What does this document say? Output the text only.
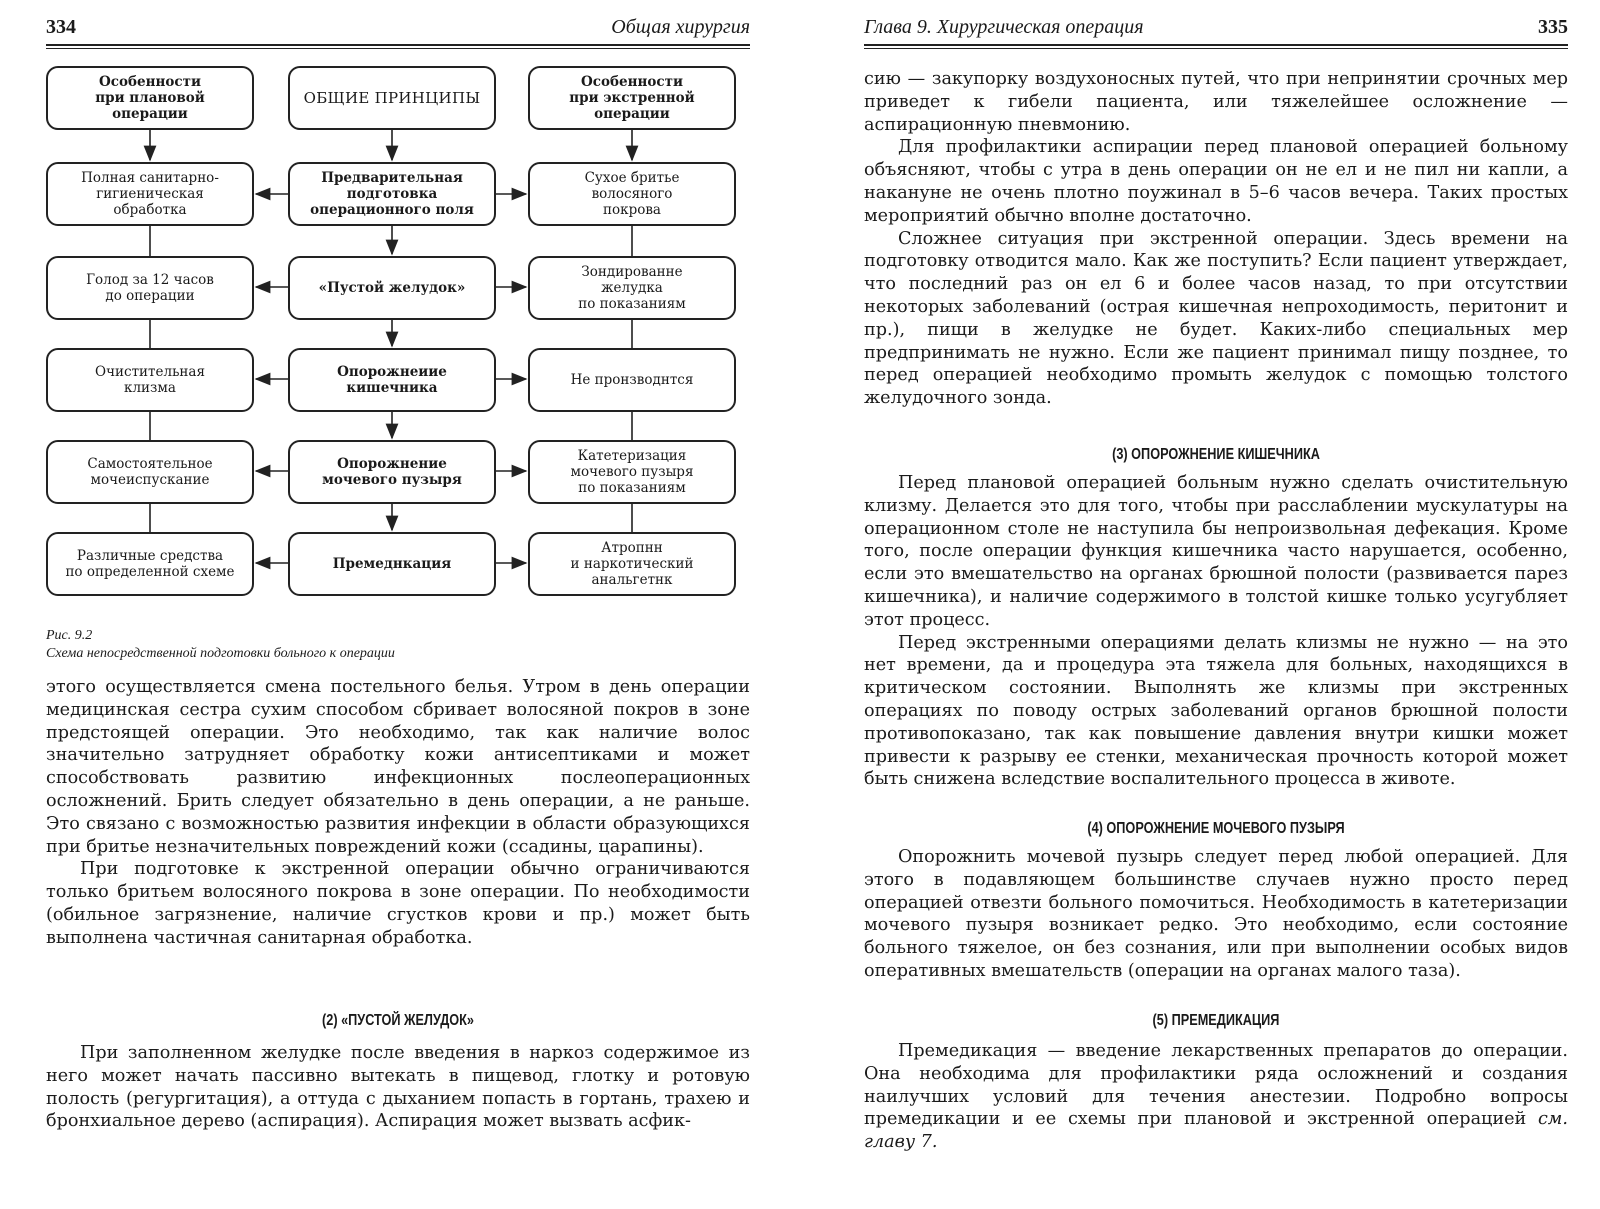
334	Общая хирургия
Особенности
при плановой
операции
Полная санитарно-
гигиеническая
обработка
Голод за 12 часов
до операции
Очистительная
клизма
Самостоятельное
мочеиспускание
Различные средства
по определенной схеме
ОБЩИЕ ПРИНЦИПЫ
Предварительная
подготовка
операционного поля
«Пустой желудок»
Опорожнеиие
кишечника
Опорожнение
мочевого пузыря
Премеднкация
Особенности
при экстренной
операции
Сухое бритье
волосяного
покрова
Зондированне
желудка
по показаниям
Не пронзводнтся
Катетеризация
мочевого пузыря
по показаниям
Атропнн
и наркотический
анальгетнк
Рис. 9.2
Схема непосредственной подготовки больного к операции

этого осуществляется смена постельного белья. Утром в день операции медицинская сестра сухим способом сбривает волосяной покров в зоне предстоящей операции. Это необходимо, так как наличие волос значительно затрудняет обработку кожи антисептиками и может способствовать развитию инфекционных послеоперационных осложнений. Брить следует обязательно в день операции, а не раньше. Это связано с возможностью развития инфекции в области образующихся при бритье незначительных повреждений кожи (ссадины, царапины).

При подготовке к экстренной операции обычно ограничиваются только бритьем волосяного покрова в зоне операции. По необходимости (обильное загрязнение, наличие сгустков крови и пр.) может быть выполнена частичная санитарная обработка.

(2) «ПУСТОЙ ЖЕЛУДОК»

При заполненном желудке после введения в наркоз содержимое из него может начать пассивно вытекать в пищевод, глотку и ротовую полость (регургитация), а оттуда с дыханием попасть в гортань, трахею и бронхиальное дерево (аспирация). Аспирация может вызвать асфик-

Глава 9. Хирургическая операция	335

сию — закупорку воздухоносных путей, что при непринятии срочных мер приведет к гибели пациента, или тяжелейшее осложнение — аспирационную пневмонию.

Для профилактики аспирации перед плановой операцией больному объясняют, чтобы с утра в день операции он не ел и не пил ни капли, а накануне не очень плотно поужинал в 5–6 часов вечера. Таких простых мероприятий обычно вполне достаточно.

Сложнее ситуация при экстренной операции. Здесь времени на подготовку отводится мало. Как же поступить? Если пациент утверждает, что последний раз он ел 6 и более часов назад, то при отсутствии некоторых заболеваний (острая кишечная непроходимость, перитонит и пр.), пищи в желудке не будет. Каких-либо специальных мер предпринимать не нужно. Если же пациент принимал пищу позднее, то перед операцией необходимо промыть желудок с помощью толстого желудочного зонда.

(3) ОПОРОЖНЕНИЕ КИШЕЧНИКА

Перед плановой операцией больным нужно сделать очистительную клизму. Делается это для того, чтобы при расслаблении мускулатуры на операционном столе не наступила бы непроизвольная дефекация. Кроме того, после операции функция кишечника часто нарушается, особенно, если это вмешательство на органах брюшной полости (развивается парез кишечника), и наличие содержимого в толстой кишке только усугубляет этот процесс.

Перед экстренными операциями делать клизмы не нужно — на это нет времени, да и процедура эта тяжела для больных, находящихся в критическом состоянии. Выполнять же клизмы при экстренных операциях по поводу острых заболеваний органов брюшной полости противопоказано, так как повышение давления внутри кишки может привести к разрыву ее стенки, механическая прочность которой может быть снижена вследствие воспалительного процесса в животе.

(4) ОПОРОЖНЕНИЕ МОЧЕВОГО ПУЗЫРЯ

Опорожнить мочевой пузырь следует перед любой операцией. Для этого в подавляющем большинстве случаев нужно просто перед операцией отвезти больного помочиться. Необходимость в катетеризации мочевого пузыря возникает редко. Это необходимо, если состояние больного тяжелое, он без сознания, или при выполнении особых видов оперативных вмешательств (операции на органах малого таза).

(5) ПРЕМЕДИКАЦИЯ

Премедикация — введение лекарственных препаратов до операции. Она необходима для профилактики ряда осложнений и создания наилучших условий для течения анестезии. Подробно вопросы премедикации и ее схемы при плановой и экстренной операцией см. главу 7.
